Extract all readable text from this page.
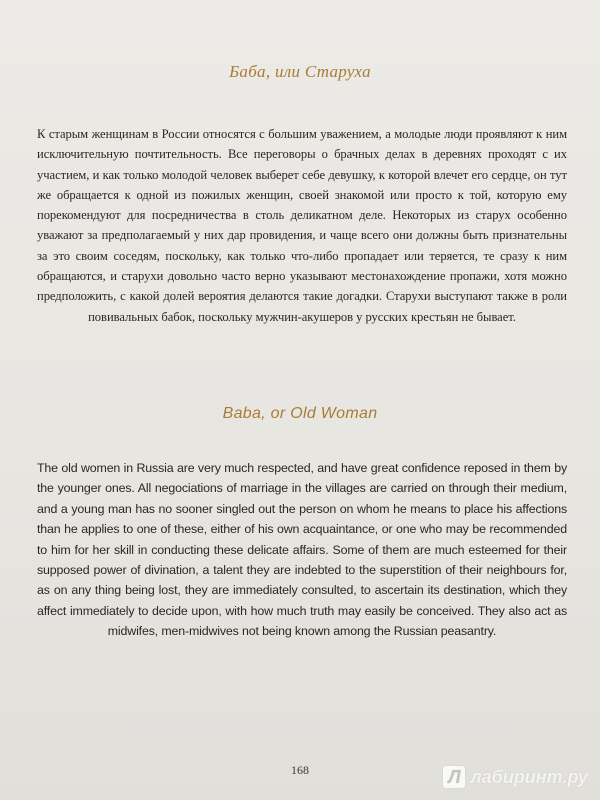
Баба, или Старуха
К старым женщинам в России относятся с большим уважением, а молодые люди проявляют к ним исключительную почтительность. Все переговоры о брачных делах в деревнях проходят с их участием, и как только молодой человек выберет себе девушку, к которой влечет его сердце, он тут же обращается к одной из пожилых женщин, своей знакомой или просто к той, которую ему порекомендуют для посредничества в столь деликатном деле. Некоторых из старух особенно уважают за предполагаемый у них дар провидения, и чаще всего они должны быть признательны за это своим соседям, поскольку, как только что-либо пропадает или теряется, те сразу к ним обращаются, и старухи довольно часто верно указывают местонахождение пропажи, хотя можно предположить, с какой долей вероятия делаются такие догадки. Старухи выступают также в роли повивальных бабок, поскольку мужчин-акушеров у русских крестьян не бывает.
Baba, or Old Woman
The old women in Russia are very much respected, and have great confidence reposed in them by the younger ones. All negociations of marriage in the villages are carried on through their medium, and a young man has no sooner singled out the person on whom he means to place his affections than he applies to one of these, either of his own acquaintance, or one who may be recommended to him for her skill in conducting these delicate affairs. Some of them are much esteemed for their supposed power of divination, a talent they are indebted to the superstition of their neighbours for, as on any thing being lost, they are immediately consulted, to ascertain its destination, which they affect immediately to decide upon, with how much truth may easily be conceived. They also act as midwifes, men-midwives not being known among the Russian peasantry.
168
Л	лабиринт.ру
